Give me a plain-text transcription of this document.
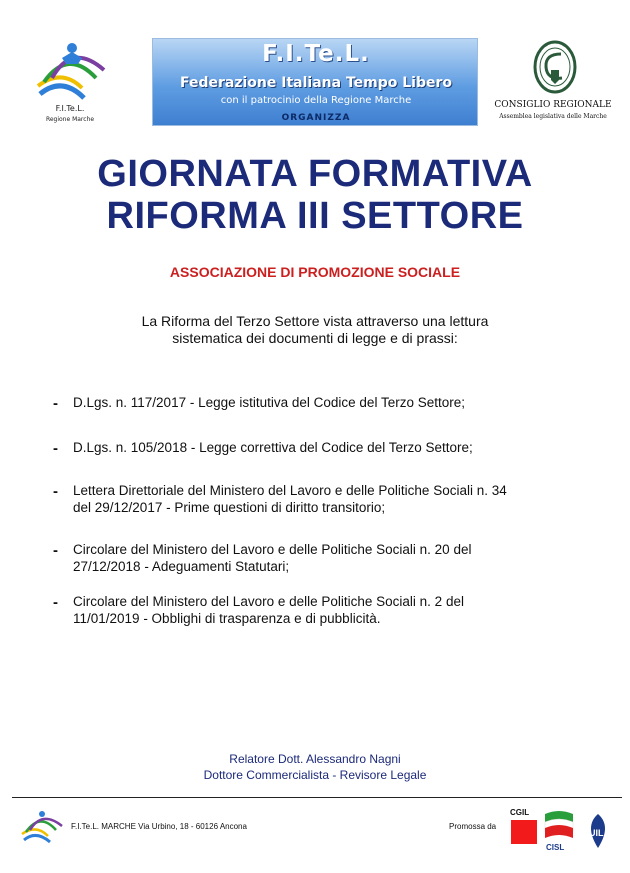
F.I.Te.L.
Regione Marche
F.I.Te.L.
Federazione Italiana Tempo Libero
con il patrocinio della Regione Marche
ORGANIZZA
CONSIGLIO REGIONALE
Assemblea legislativa delle Marche
GIORNATA FORMATIVA
RIFORMA III SETTORE
ASSOCIAZIONE DI PROMOZIONE SOCIALE
La Riforma del Terzo Settore vista attraverso una lettura
sistematica dei documenti di legge e di prassi:
- D.Lgs. n. 117/2017 - Legge istitutiva del Codice del Terzo Settore;
- D.Lgs. n. 105/2018 - Legge correttiva del Codice del Terzo Settore;
- Lettera Direttoriale del Ministero del Lavoro e delle Politiche Sociali n. 34
del 29/12/2017 - Prime questioni di diritto transitorio;
- Circolare del Ministero del Lavoro e delle Politiche Sociali n. 20 del
27/12/2018 - Adeguamenti Statutari;
- Circolare del Ministero del Lavoro e delle Politiche Sociali n. 2 del
11/01/2019 - Obblighi di trasparenza e di pubblicità.
Relatore Dott. Alessandro Nagni
Dottore Commercialista - Revisore Legale
F.I.Te.L. MARCHE Via Urbino, 18 - 60126 Ancona	Promossa da
CGIL
CISL
UIL
